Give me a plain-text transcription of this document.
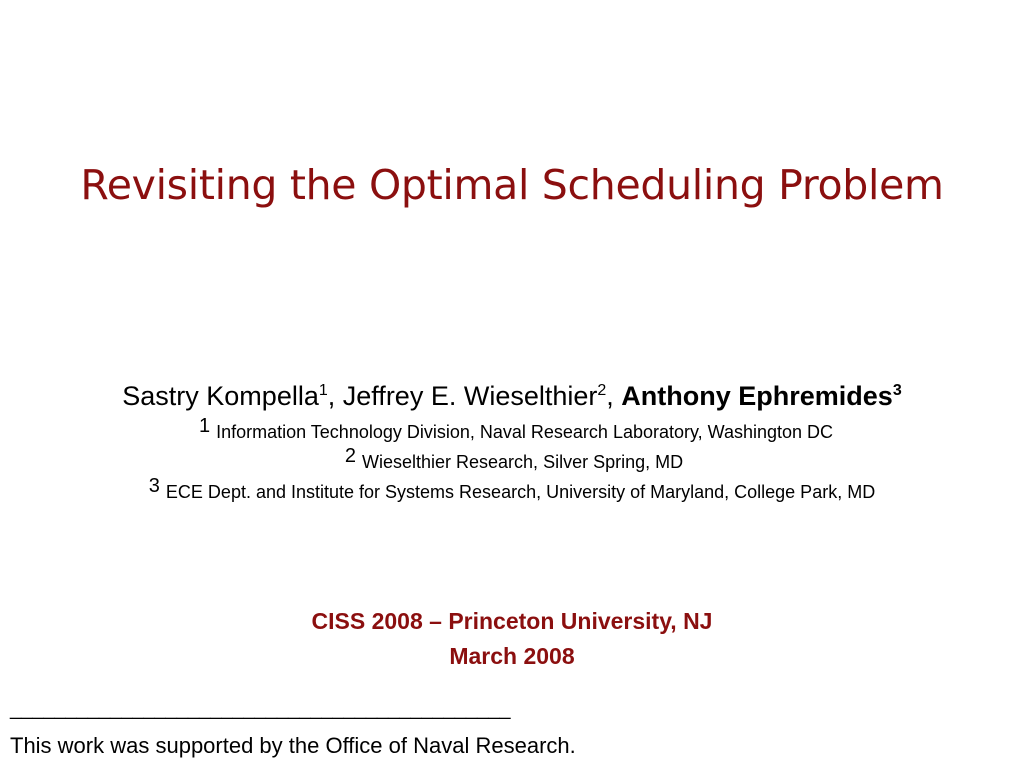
Revisiting the Optimal Scheduling Problem
Sastry Kompella$^1$, Jeffrey E. Wieselthier$^2$, Anthony Ephremides$^3$
1 Information Technology Division, Naval Research Laboratory, Washington DC
2 Wieselthier Research, Silver Spring, MD
3 ECE Dept. and Institute for Systems Research, University of Maryland, College Park, MD
CISS 2008 – Princeton University, NJ
March 2008
_____________________________________________
This work was supported by the Office of Naval Research.
